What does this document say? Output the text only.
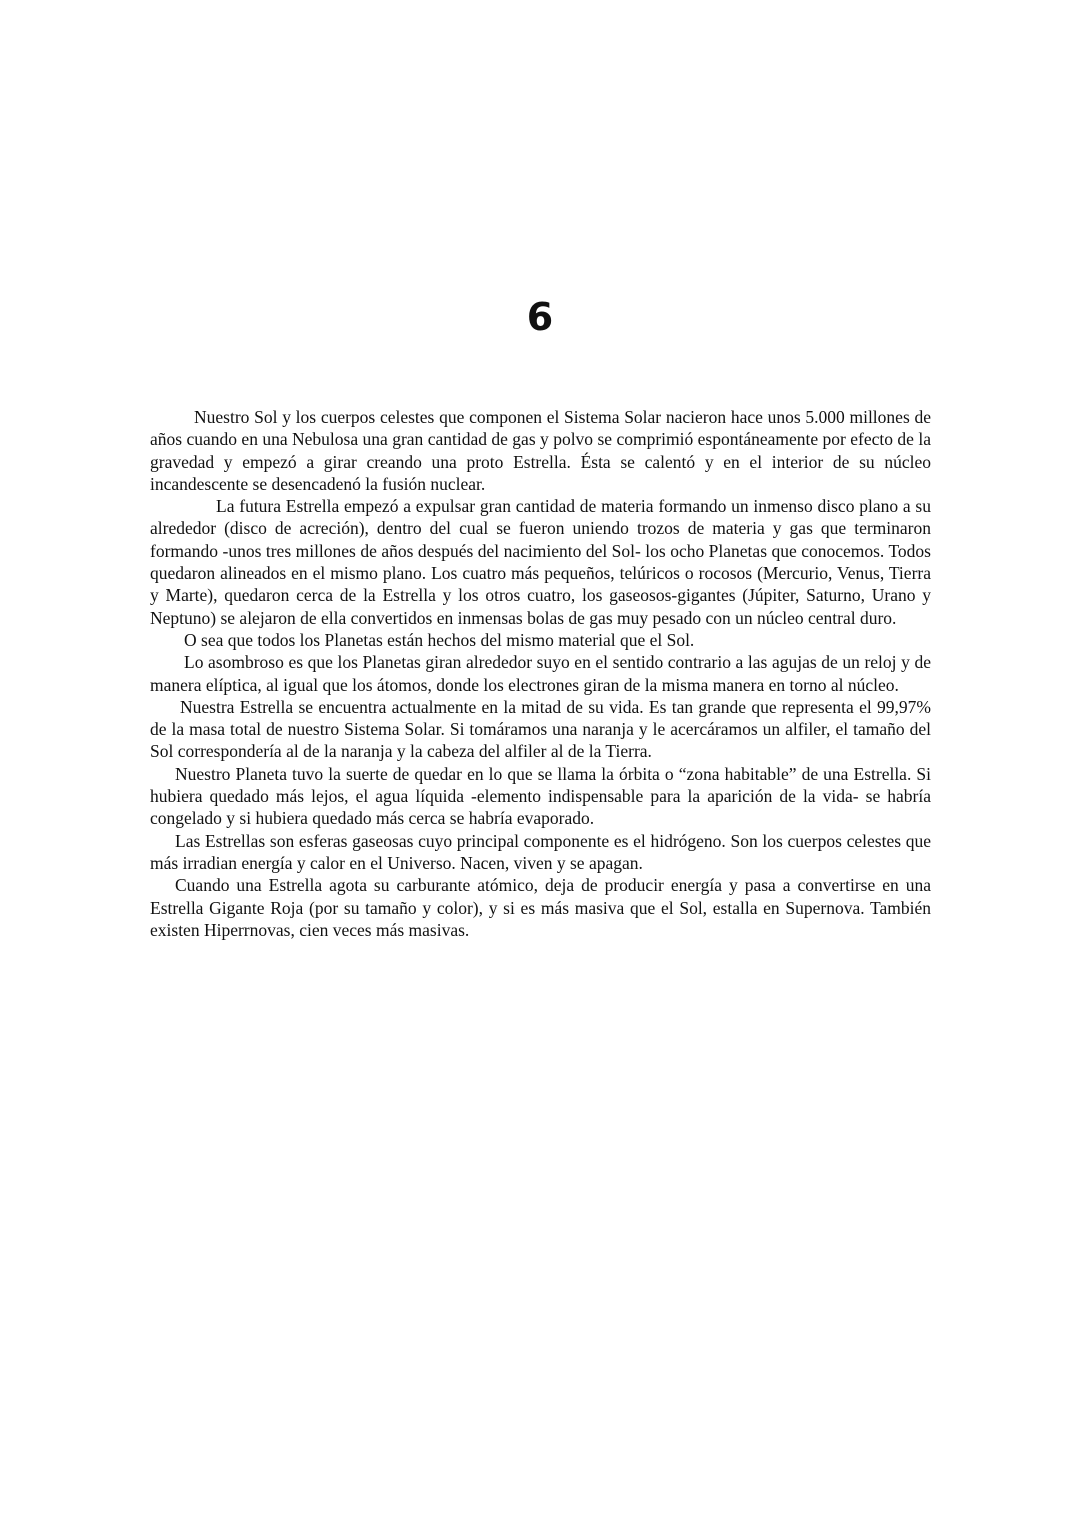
6

Nuestro Sol y los cuerpos celestes que componen el Sistema Solar nacieron hace unos 5.000 millones de años cuando en una Nebulosa una gran cantidad de gas y polvo se comprimió espontáneamente por efecto de la gravedad y empezó a girar creando una proto Estrella. Ésta se calentó y en el interior de su núcleo incandescente se desencadenó la fusión nuclear.

La futura Estrella empezó a expulsar gran cantidad de materia formando un inmenso disco plano a su alrededor (disco de acreción), dentro del cual se fueron uniendo trozos de materia y gas que terminaron formando -unos tres millones de años después del nacimiento del Sol- los ocho Planetas que conocemos. Todos quedaron alineados en el mismo plano. Los cuatro más pequeños, telúricos o rocosos (Mercurio, Venus, Tierra y Marte), quedaron cerca de la Estrella y los otros cuatro, los gaseosos-gigantes (Júpiter, Saturno, Urano y Neptuno) se alejaron de ella convertidos en inmensas bolas de gas muy pesado con un núcleo central duro.

O sea que todos los Planetas están hechos del mismo material que el Sol.

Lo asombroso es que los Planetas giran alrededor suyo en el sentido contrario a las agujas de un reloj y de manera elíptica, al igual que los átomos, donde los electrones giran de la misma manera en torno al núcleo.

Nuestra Estrella se encuentra actualmente en la mitad de su vida. Es tan grande que representa el 99,97% de la masa total de nuestro Sistema Solar. Si tomáramos una naranja y le acercáramos un alfiler, el tamaño del Sol correspondería al de la naranja y la cabeza del alfiler al de la Tierra.

Nuestro Planeta tuvo la suerte de quedar en lo que se llama la órbita o “zona habitable” de una Estrella. Si hubiera quedado más lejos, el agua líquida -elemento indispensable para la aparición de la vida- se habría congelado y si hubiera quedado más cerca se habría evaporado.

Las Estrellas son esferas gaseosas cuyo principal componente es el hidrógeno. Son los cuerpos celestes que más irradian energía y calor en el Universo. Nacen, viven y se apagan.

Cuando una Estrella agota su carburante atómico, deja de producir energía y pasa a convertirse en una Estrella Gigante Roja (por su tamaño y color), y si es más masiva que el Sol, estalla en Supernova. También existen Hiperrnovas, cien veces más masivas.
